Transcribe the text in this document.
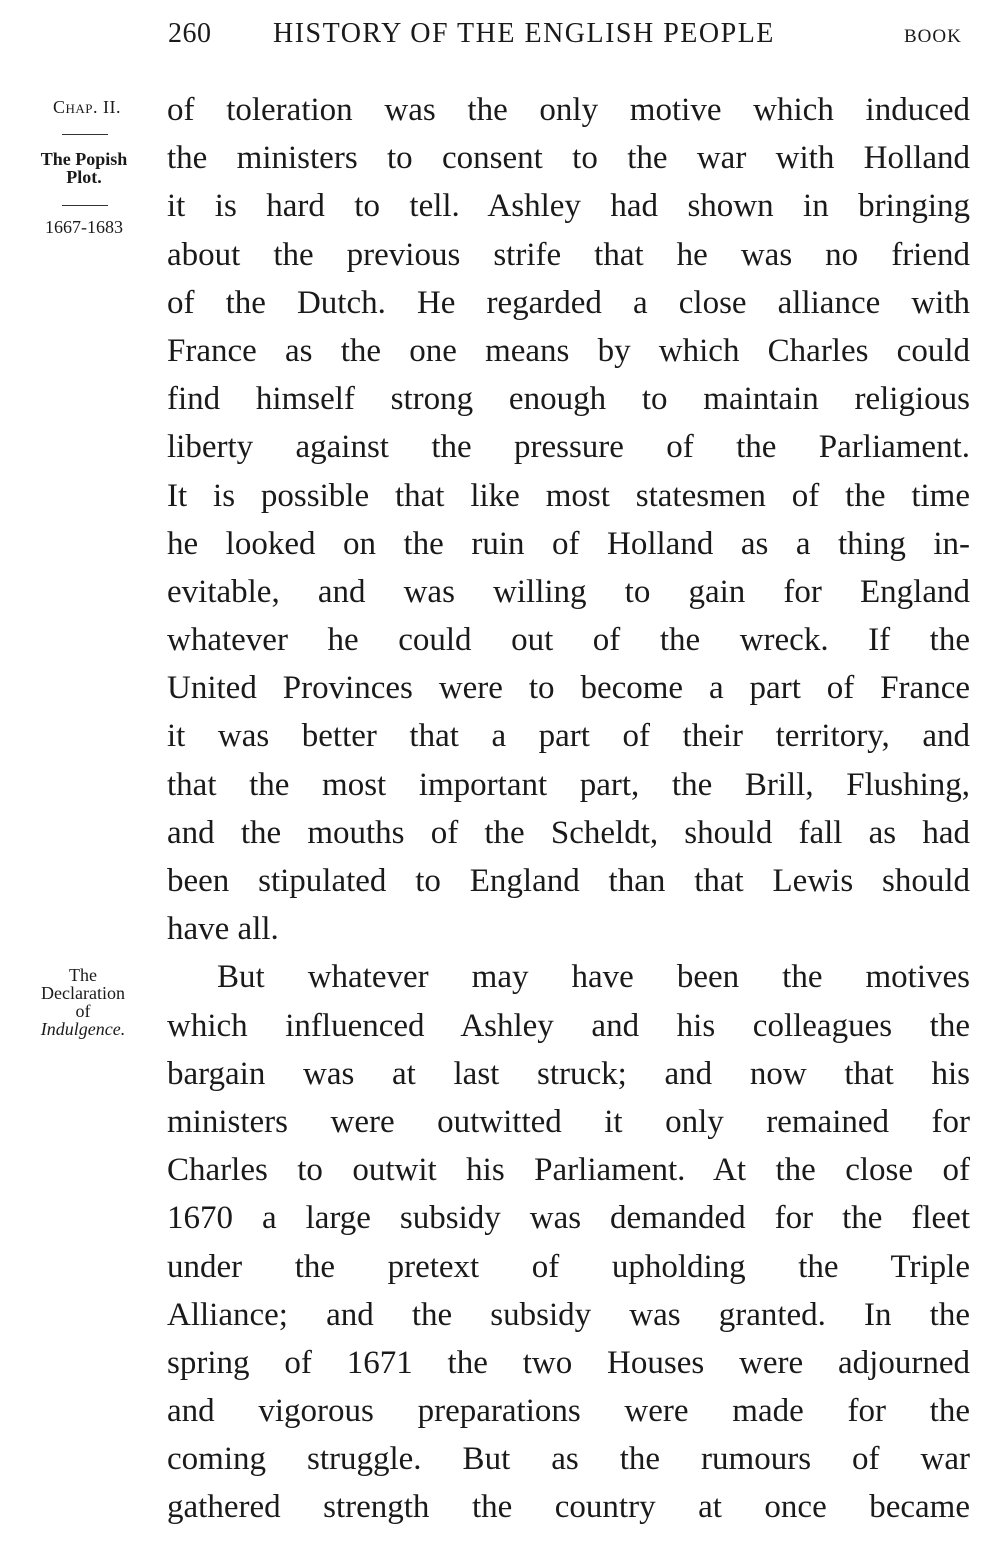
260 HISTORY OF THE ENGLISH PEOPLE	BOOK
Chap. II.
The Popish
Plot.
1667-1683
The
Declaration
of
Indulgence.
of toleration was the only motive which induced
the ministers to consent to the war with Holland
it is hard to tell. Ashley had shown in bringing
about the previous strife that he was no friend
of the Dutch. He regarded a close alliance with
France as the one means by which Charles could
find himself strong enough to maintain religious
liberty against the pressure of the Parliament.
It is possible that like most statesmen of the time
he looked on the ruin of Holland as a thing in-
evitable, and was willing to gain for England
whatever he could out of the wreck. If the
United Provinces were to become a part of France
it was better that a part of their territory, and
that the most important part, the Brill, Flushing,
and the mouths of the Scheldt, should fall as had
been stipulated to England than that Lewis should
have all.
But whatever may have been the motives
which influenced Ashley and his colleagues the
bargain was at last struck; and now that his
ministers were outwitted it only remained for
Charles to outwit his Parliament. At the close of
1670 a large subsidy was demanded for the fleet
under the pretext of upholding the Triple
Alliance; and the subsidy was granted. In the
spring of 1671 the two Houses were adjourned
and vigorous preparations were made for the
coming struggle. But as the rumours of war
gathered strength the country at once became
